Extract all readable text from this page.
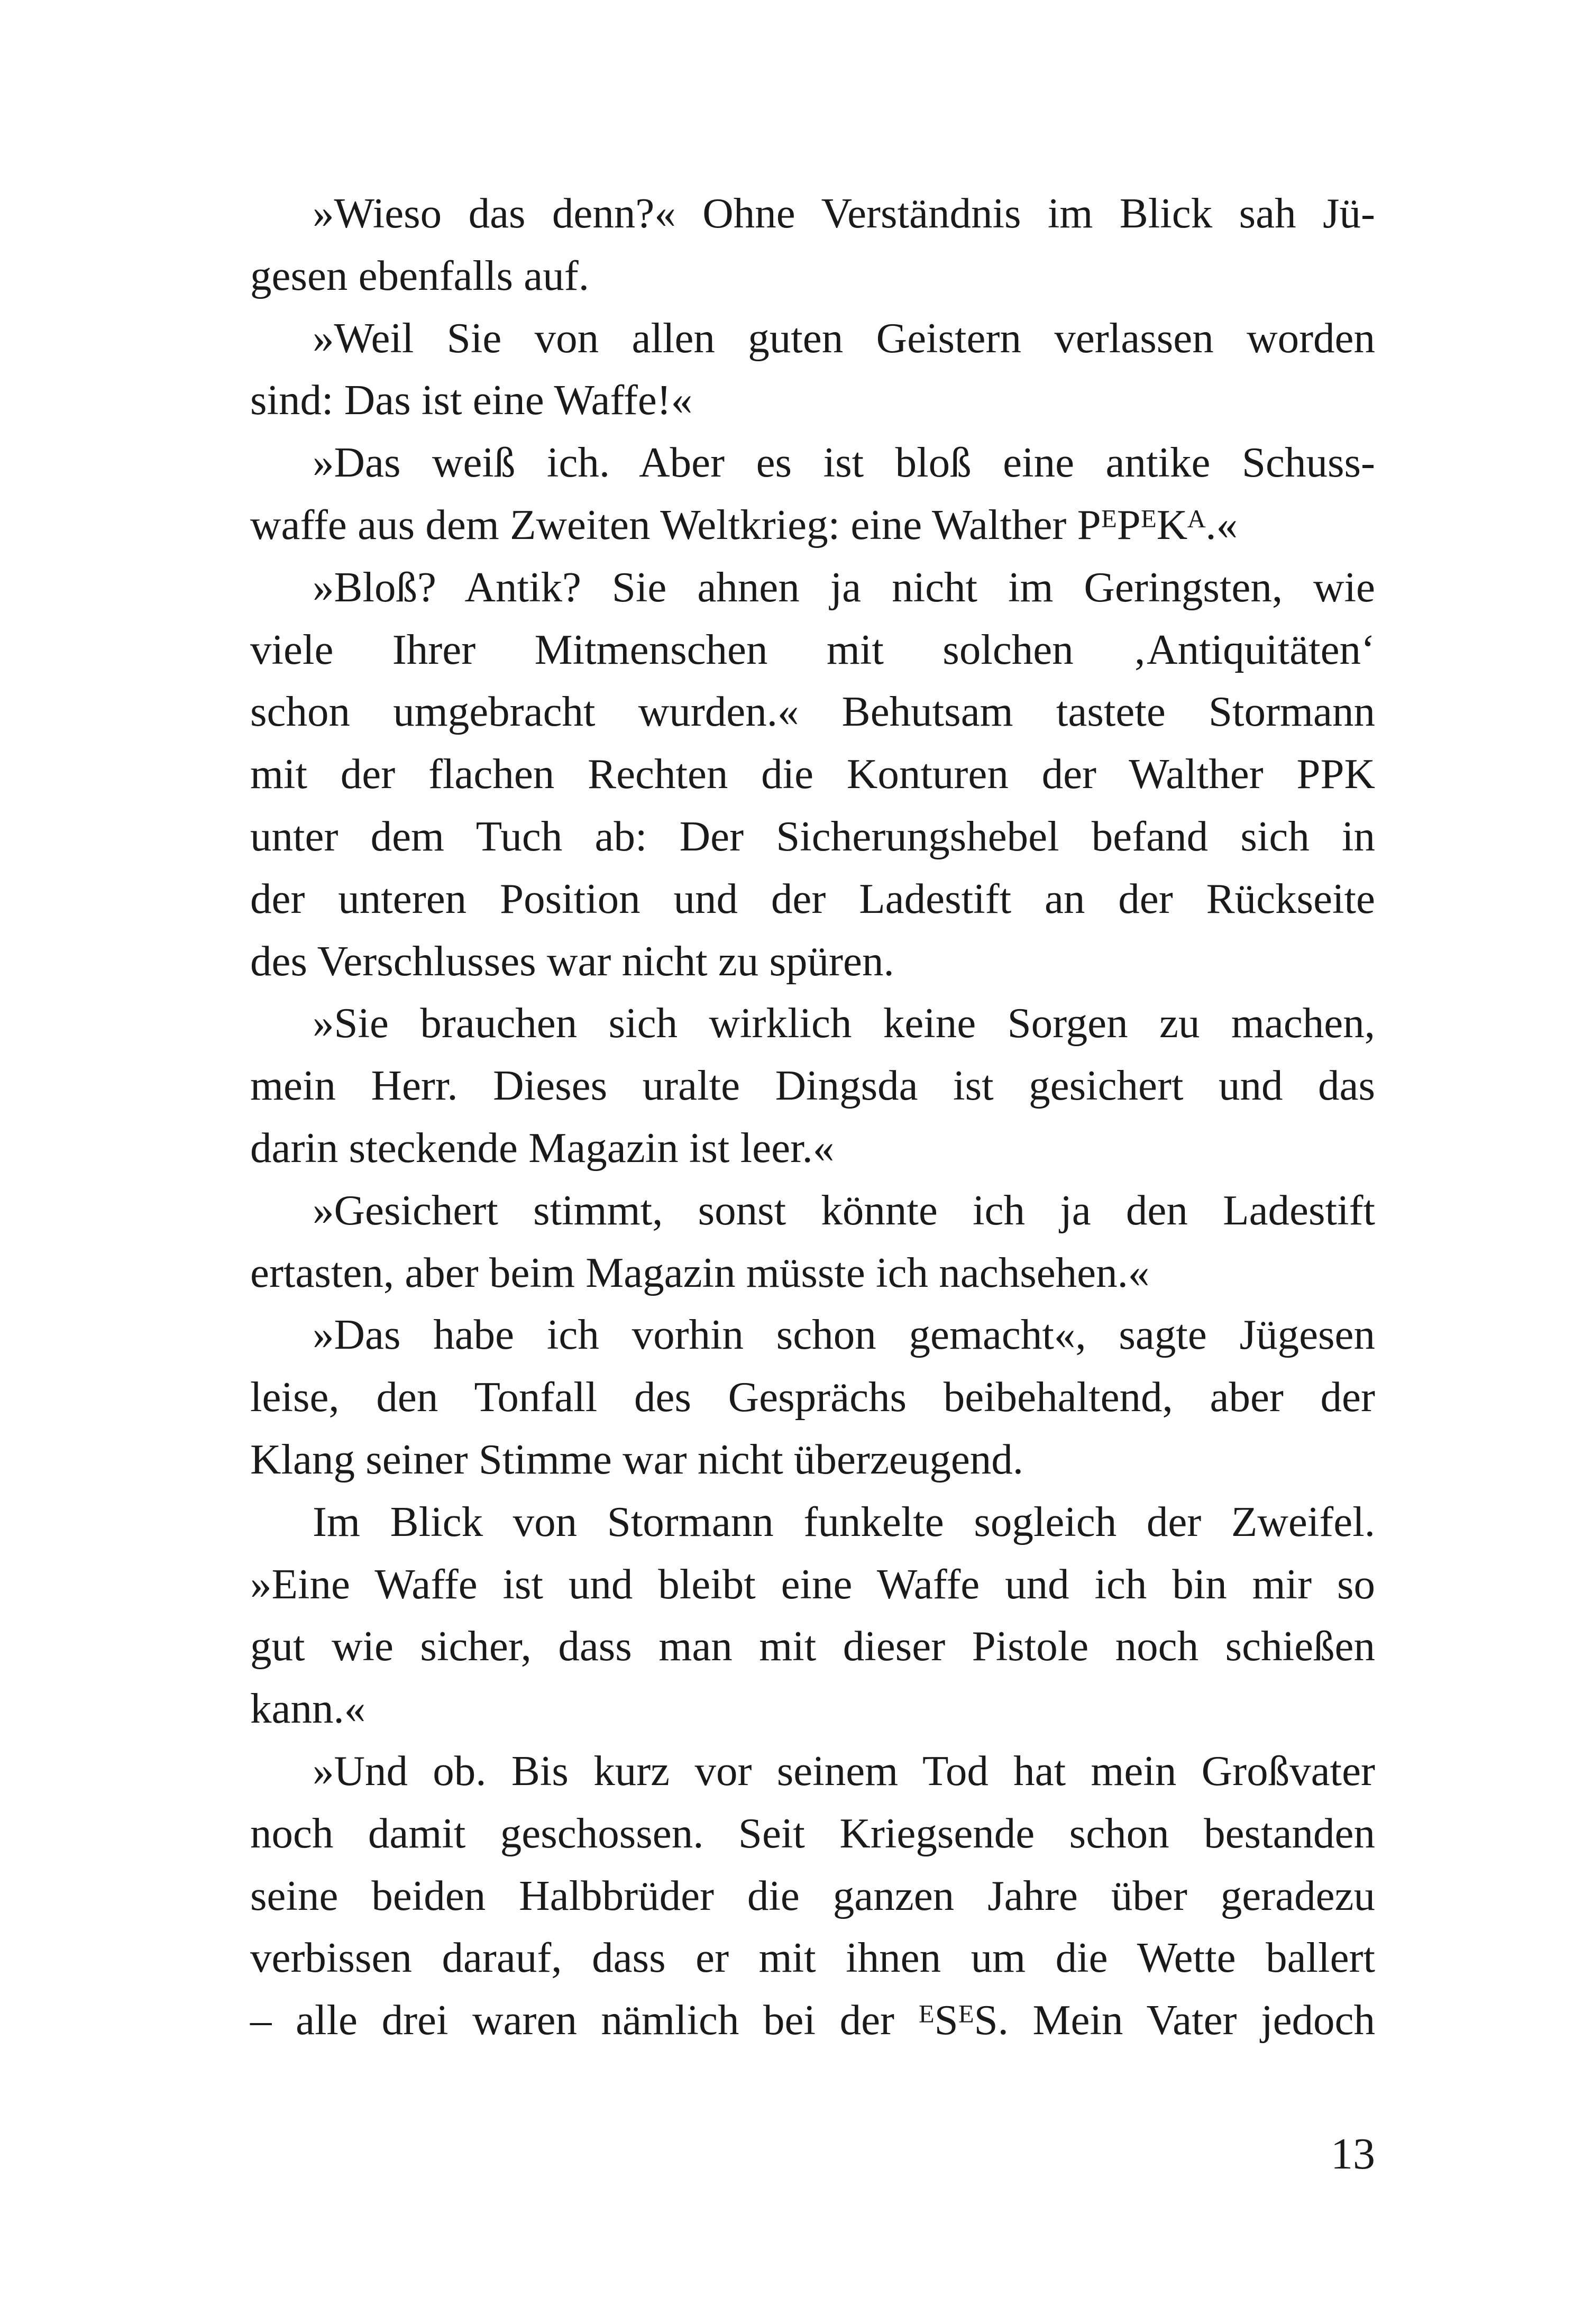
»Wieso das denn?« Ohne Verständnis im Blick sah Jü-
gesen ebenfalls auf.
»Weil Sie von allen guten Geistern verlassen worden
sind: Das ist eine Waffe!«
»Das weiß ich. Aber es ist bloß eine antike Schuss-
waffe aus dem Zweiten Weltkrieg: eine Walther PᴱPᴱKᴬ.«
»Bloß? Antik? Sie ahnen ja nicht im Geringsten, wie
viele Ihrer Mitmenschen mit solchen ‚Antiquitäten‘
schon umgebracht wurden.« Behutsam tastete Stormann
mit der flachen Rechten die Konturen der Walther PPK
unter dem Tuch ab: Der Sicherungshebel befand sich in
der unteren Position und der Ladestift an der Rückseite
des Verschlusses war nicht zu spüren.
»Sie brauchen sich wirklich keine Sorgen zu machen,
mein Herr. Dieses uralte Dingsda ist gesichert und das
darin steckende Magazin ist leer.«
»Gesichert stimmt, sonst könnte ich ja den Ladestift
ertasten, aber beim Magazin müsste ich nachsehen.«
»Das habe ich vorhin schon gemacht«, sagte Jügesen
leise, den Tonfall des Gesprächs beibehaltend, aber der
Klang seiner Stimme war nicht überzeugend.
Im Blick von Stormann funkelte sogleich der Zweifel.
»Eine Waffe ist und bleibt eine Waffe und ich bin mir so
gut wie sicher, dass man mit dieser Pistole noch schießen
kann.«
»Und ob. Bis kurz vor seinem Tod hat mein Großvater
noch damit geschossen. Seit Kriegsende schon bestanden
seine beiden Halbbrüder die ganzen Jahre über geradezu
verbissen darauf, dass er mit ihnen um die Wette ballert
– alle drei waren nämlich bei der ᴱSᴱS. Mein Vater jedoch
13
